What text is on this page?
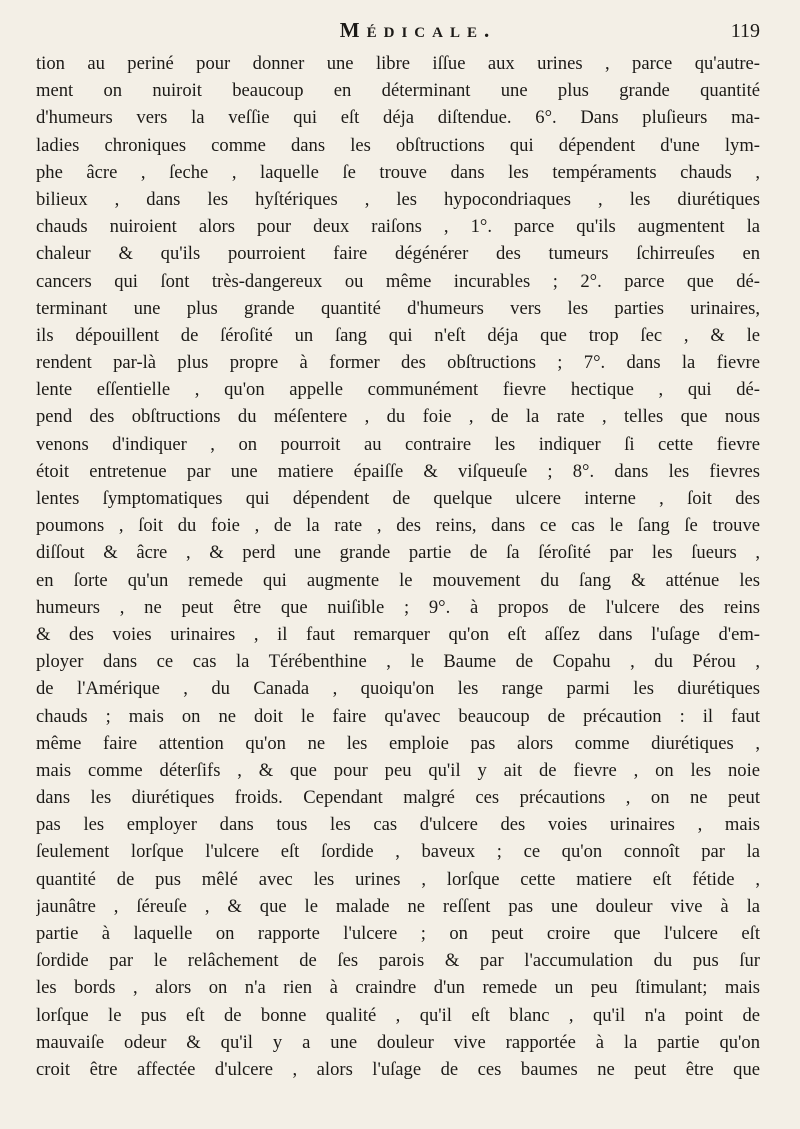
Médicale.	119
tion au periné pour donner une libre iſſue aux urines , parce qu'autre-
ment on nuiroit beaucoup en déterminant une plus grande quantité
d'humeurs vers la veſſie qui eſt déja diſtendue. 6°. Dans pluſieurs ma-
ladies chroniques comme dans les obſtructions qui dépendent d'une lym-
phe âcre , ſeche , laquelle ſe trouve dans les tempéraments chauds ,
bilieux , dans les hyſtériques , les hypocondriaques , les diurétiques
chauds nuiroient alors pour deux raiſons , 1°. parce qu'ils augmentent la
chaleur & qu'ils pourroient faire dégénérer des tumeurs ſchirreuſes en
cancers qui ſont très-dangereux ou même incurables ; 2°. parce que dé-
terminant une plus grande quantité d'humeurs vers les parties urinaires,
ils dépouillent de ſéroſité un ſang qui n'eſt déja que trop ſec , & le
rendent par-là plus propre à former des obſtructions ; 7°. dans la fievre
lente eſſentielle , qu'on appelle communément fievre hectique , qui dé-
pend des obſtructions du méſentere , du foie , de la rate , telles que nous
venons d'indiquer , on pourroit au contraire les indiquer ſi cette fievre
étoit entretenue par une matiere épaiſſe & viſqueuſe ; 8°. dans les fievres
lentes ſymptomatiques qui dépendent de quelque ulcere interne , ſoit des
poumons , ſoit du foie , de la rate , des reins, dans ce cas le ſang ſe trouve
diſſout & âcre , & perd une grande partie de ſa ſéroſité par les ſueurs ,
en ſorte qu'un remede qui augmente le mouvement du ſang & atténue les
humeurs , ne peut être que nuiſible ; 9°. à propos de l'ulcere des reins
& des voies urinaires , il faut remarquer qu'on eſt aſſez dans l'uſage d'em-
ployer dans ce cas la Térébenthine , le Baume de Copahu , du Pérou ,
de l'Amérique , du Canada , quoiqu'on les range parmi les diurétiques
chauds ; mais on ne doit le faire qu'avec beaucoup de précaution : il faut
même faire attention qu'on ne les emploie pas alors comme diurétiques ,
mais comme déterſifs , & que pour peu qu'il y ait de fievre , on les noie
dans les diurétiques froids. Cependant malgré ces précautions , on ne peut
pas les employer dans tous les cas d'ulcere des voies urinaires , mais
ſeulement lorſque l'ulcere eſt ſordide , baveux ; ce qu'on connoît par la
quantité de pus mêlé avec les urines , lorſque cette matiere eſt fétide ,
jaunâtre , ſéreuſe , & que le malade ne reſſent pas une douleur vive à la
partie à laquelle on rapporte l'ulcere ; on peut croire que l'ulcere eſt
ſordide par le relâchement de ſes parois & par l'accumulation du pus ſur
les bords , alors on n'a rien à craindre d'un remede un peu ſtimulant; mais
lorſque le pus eſt de bonne qualité , qu'il eſt blanc , qu'il n'a point de
mauvaiſe odeur & qu'il y a une douleur vive rapportée à la partie qu'on
croit être affectée d'ulcere , alors l'uſage de ces baumes ne peut être que
